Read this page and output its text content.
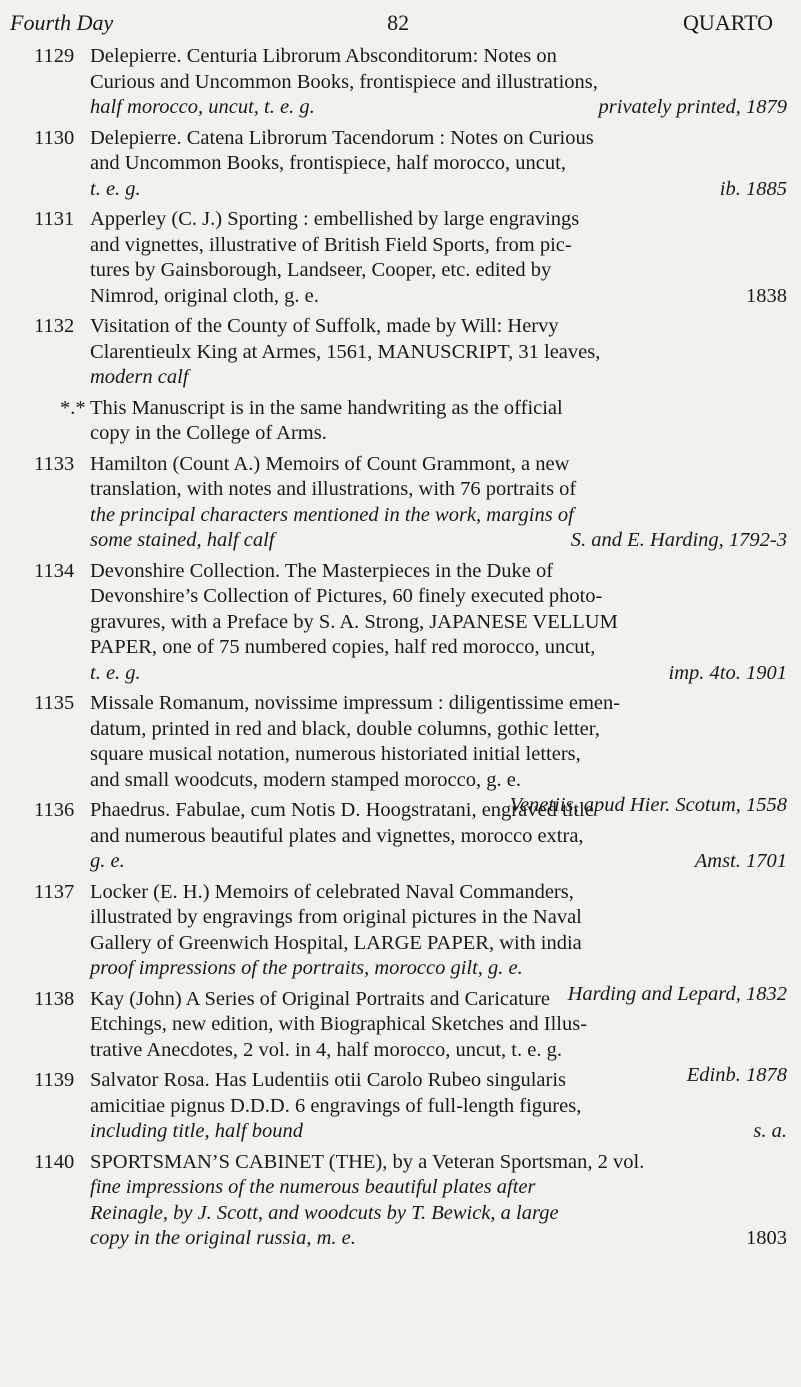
Fourth Day	82	QUARTO
1129 Delepierre. Centuria Librorum Absconditorum: Notes on
Curious and Uncommon Books, frontispiece and illustrations,
half morocco, uncut, t. e. g.	privately printed, 1879
1130 Delepierre. Catena Librorum Tacendorum : Notes on Curious
and Uncommon Books, frontispiece, half morocco, uncut,
t. e. g.	ib. 1885
1131 Apperley (C. J.) Sporting : embellished by large engravings
and vignettes, illustrative of British Field Sports, from pic-
tures by Gainsborough, Landseer, Cooper, etc. edited by
Nimrod, original cloth, g. e.	1838
1132 Visitation of the County of Suffolk, made by Will: Hervy
Clarentieulx King at Armes, 1561, MANUSCRIPT, 31 leaves,
modern calf
*.* This Manuscript is in the same handwriting as the official
copy in the College of Arms.
1133 Hamilton (Count A.) Memoirs of Count Grammont, a new
translation, with notes and illustrations, with 76 portraits of
the principal characters mentioned in the work, margins of
some stained, half calf	S. and E. Harding, 1792-3
1134 Devonshire Collection. The Masterpieces in the Duke of
Devonshire’s Collection of Pictures, 60 finely executed photo-
gravures, with a Preface by S. A. Strong, JAPANESE VELLUM
PAPER, one of 75 numbered copies, half red morocco, uncut,
t. e. g.	imp. 4to. 1901
1135 Missale Romanum, novissime impressum : diligentissime emen-
datum, printed in red and black, double columns, gothic letter,
square musical notation, numerous historiated initial letters,
and small woodcuts, modern stamped morocco, g. e.
Venetiis, apud Hier. Scotum, 1558
1136 Phaedrus. Fabulae, cum Notis D. Hoogstratani, engraved title
and numerous beautiful plates and vignettes, morocco extra,
g. e.	Amst. 1701
1137 Locker (E. H.) Memoirs of celebrated Naval Commanders,
illustrated by engravings from original pictures in the Naval
Gallery of Greenwich Hospital, LARGE PAPER, with india
proof impressions of the portraits, morocco gilt, g. e.
Harding and Lepard, 1832
1138 Kay (John) A Series of Original Portraits and Caricature
Etchings, new edition, with Biographical Sketches and Illus-
trative Anecdotes, 2 vol. in 4, half morocco, uncut, t. e. g.
Edinb. 1878
1139 Salvator Rosa. Has Ludentiis otii Carolo Rubeo singularis
amicitiae pignus D.D.D. 6 engravings of full-length figures,
including title, half bound	s. a.
1140 SPORTSMAN’S CABINET (THE), by a Veteran Sportsman, 2 vol.
fine impressions of the numerous beautiful plates after
Reinagle, by J. Scott, and woodcuts by T. Bewick, a large
copy in the original russia, m. e.	1803
